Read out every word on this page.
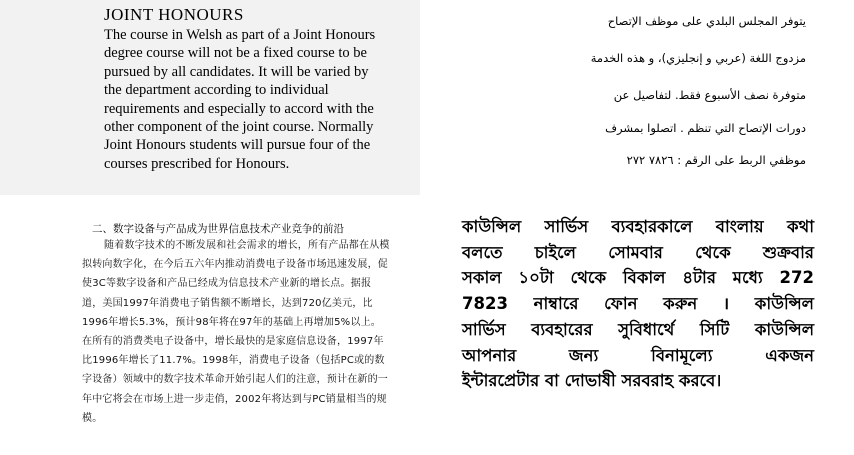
JOINT HONOURS
The course in Welsh as part of a Joint Honours
degree course will not be a fixed course to be
pursued by all candidates. It will be varied by
the department according to individual
requirements and especially to accord with the
other component of the joint course. Normally
Joint Honours students will pursue four of the
courses prescribed for Honours.
يتوفر المجلس البلدي على موظف الإتصاح
مزدوج اللغة (عربي و إنجليزي)، و هذه الخدمة
متوفرة نصف الأسبوع فقط. لتفاصيل عن
دورات الإتصاح التي تنظم . اتصلوا بمشرف
موظفي الربط على الرقم : ٧٨٢٦ ٢٧٢
二、数字设备与产品成为世界信息技术产业竞争的前沿
随着数字技术的不断发展和社会需求的增长，所有产品都在从模
拟转向数字化，在今后五六年内推动消费电子设备市场迅速发展，促
使3C等数字设备和产品已经成为信息技术产业新的增长点。据报
道，美国1997年消费电子销售额不断增长，达到720亿美元，比
1996年增长5.3%，预计98年将在97年的基础上再增加5%以上。
在所有的消费类电子设备中，增长最快的是家庭信息设备，1997年
比1996年增长了11.7%。1998年，消费电子设备（包括PC或的数
字设备）领域中的数字技术革命开始引起人们的注意，预计在新的一
年中它将会在市场上进一步走俏，2002年将达到与PC销量相当的规
模。
কাউন্সিল সার্ভিস ব্যবহারকালে বাংলায় কথা
বলতে চাইলে সোমবার থেকে শুক্রবার
সকাল ১০টা থেকে বিকাল ৪টার মধ্যে 272
7823 নাম্বারে ফোন করুন । কাউন্সিল
সার্ভিস ব্যবহারের সুবিধার্থে সিটি কাউন্সিল
আপনার	জন্য	বিনামূল্যে	একজন
ইন্টারপ্রেটার বা দোভাষী সরবরাহ করবে।
